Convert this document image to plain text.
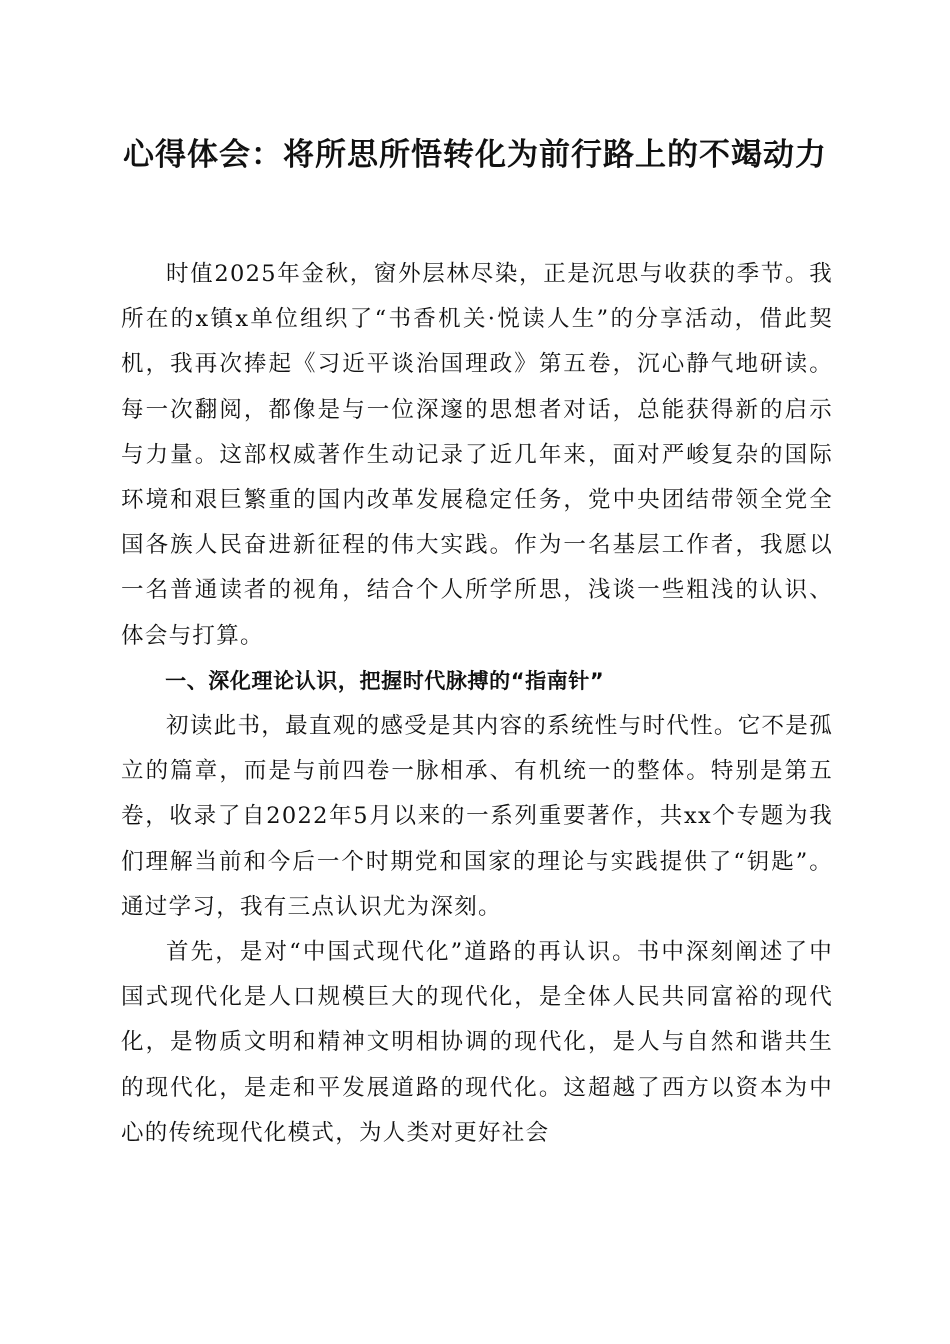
心得体会：将所思所悟转化为前行路上的不竭动力

时值2025年金秋，窗外层林尽染，正是沉思与收获的季节。我所在的x镇x单位组织了“书香机关·悦读人生”的分享活动，借此契机，我再次捧起《习近平谈治国理政》第五卷，沉心静气地研读。每一次翻阅，都像是与一位深邃的思想者对话，总能获得新的启示与力量。这部权威著作生动记录了近几年来，面对严峻复杂的国际环境和艰巨繁重的国内改革发展稳定任务，党中央团结带领全党全国各族人民奋进新征程的伟大实践。作为一名基层工作者，我愿以一名普通读者的视角，结合个人所学所思，浅谈一些粗浅的认识、体会与打算。

一、深化理论认识，把握时代脉搏的“指南针”

初读此书，最直观的感受是其内容的系统性与时代性。它不是孤立的篇章，而是与前四卷一脉相承、有机统一的整体。特别是第五卷，收录了自2022年5月以来的一系列重要著作，共xx个专题为我们理解当前和今后一个时期党和国家的理论与实践提供了“钥匙”。通过学习，我有三点认识尤为深刻。

首先，是对“中国式现代化”道路的再认识。书中深刻阐述了中国式现代化是人口规模巨大的现代化，是全体人民共同富裕的现代化，是物质文明和精神文明相协调的现代化，是人与自然和谐共生的现代化，是走和平发展道路的现代化。这超越了西方以资本为中心的传统现代化模式，为人类对更好社会
